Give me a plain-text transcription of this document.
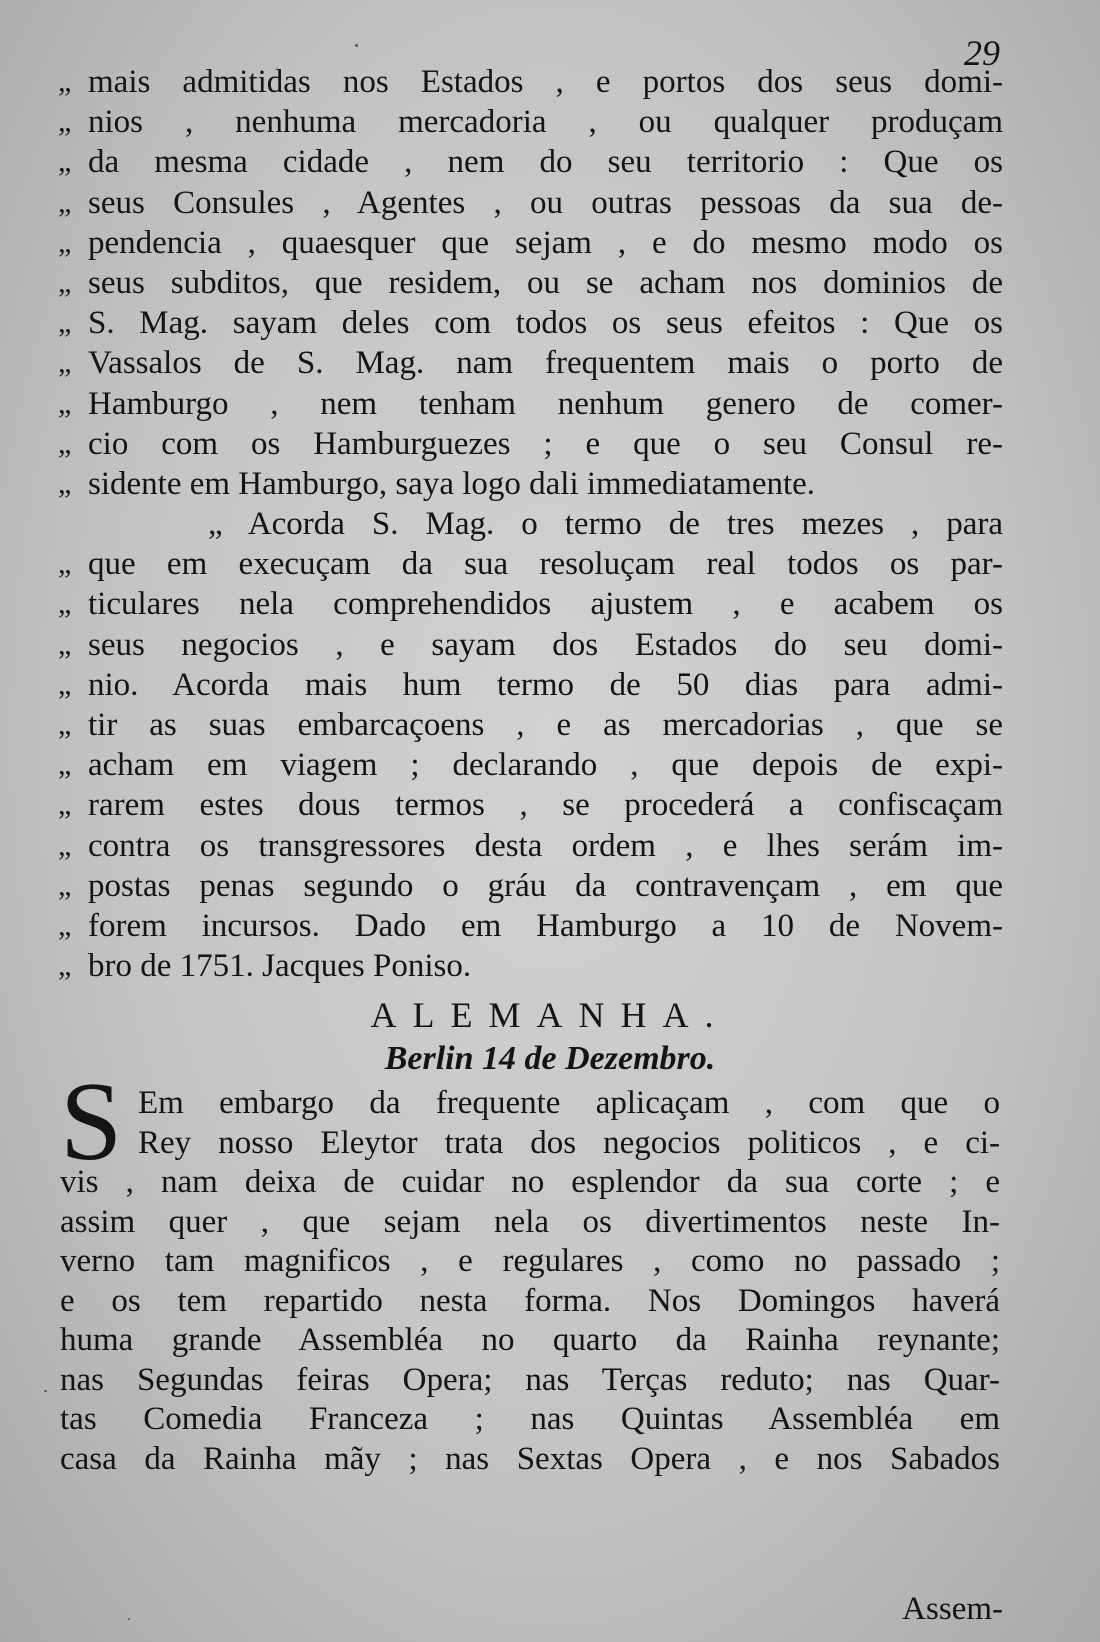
29
„ mais admitidas nos Estados , e portos dos seus domi-
„ nios , nenhuma mercadoria , ou qualquer produçam
„ da mesma cidade , nem do seu territorio : Que os
„ seus Consules , Agentes , ou outras pessoas da sua de-
„ pendencia , quaesquer que sejam , e do mesmo modo os
„ seus subditos, que residem, ou se acham nos dominios de
„ S. Mag. sayam deles com todos os seus efeitos : Que os
„ Vassalos de S. Mag. nam frequentem mais o porto de
„ Hamburgo , nem tenham nenhum genero de comer-
„ cio com os Hamburguezes ; e que o seu Consul re-
„ sidente em Hamburgo, saya logo dali immediatamente.
„ Acorda S. Mag. o termo de tres mezes , para
„ que em execuçam da sua resoluçam real todos os par-
„ ticulares nela comprehendidos ajustem , e acabem os
„ seus negocios , e sayam dos Estados do seu domi-
„ nio. Acorda mais hum termo de 50 dias para admi-
„ tir as suas embarcaçoens , e as mercadorias , que se
„ acham em viagem ; declarando , que depois de expi-
„ rarem estes dous termos , se procederá a confiscaçam
„ contra os transgressores desta ordem , e lhes serám im-
„ postas penas segundo o gráu da contravençam , em que
„ forem incursos. Dado em Hamburgo a 10 de Novem-
„ bro de 1751. Jacques Poniso.
ALEMANHA.
Berlin 14 de Dezembro.
S Em embargo da frequente aplicaçam , com que o
Rey nosso Eleytor trata dos negocios politicos , e ci-
vis , nam deixa de cuidar no esplendor da sua corte ; e
assim quer , que sejam nela os divertimentos neste In-
verno tam magnificos , e regulares , como no passado ;
e os tem repartido nesta forma. Nos Domingos haverá
huma grande Assembléa no quarto da Rainha reynante;
nas Segundas feiras Opera; nas Terças reduto; nas Quar-
tas Comedia Franceza ; nas Quintas Assembléa em
casa da Rainha mãy ; nas Sextas Opera , e nos Sabados
Assem-
